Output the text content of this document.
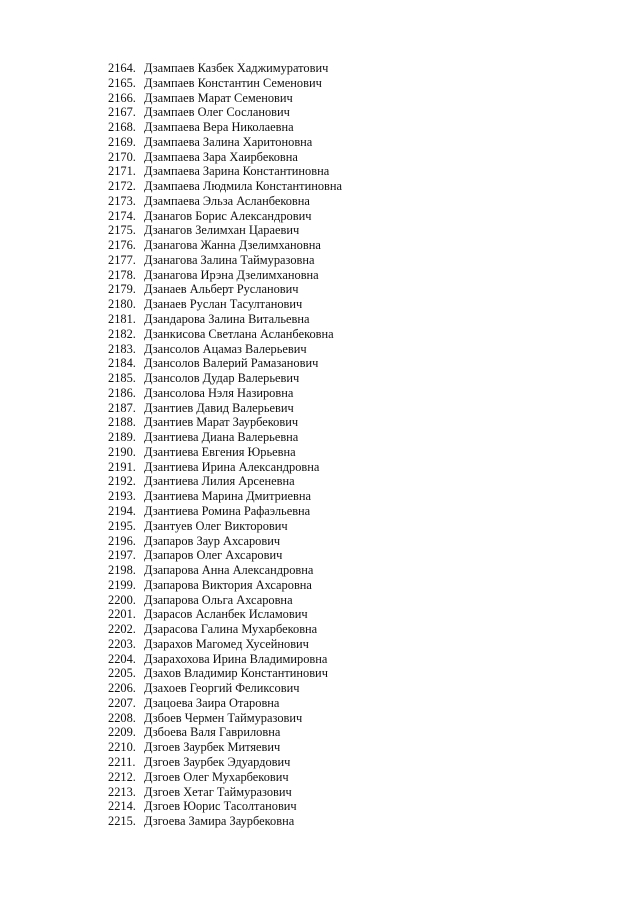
2164. Дзампаев Казбек Хаджимуратович
2165. Дзампаев Константин Семенович
2166. Дзампаев Марат Семенович
2167. Дзампаев Олег Сосланович
2168. Дзампаева Вера Николаевна
2169. Дзампаева Залина Харитоновна
2170. Дзампаева Зара Хаирбековна
2171. Дзампаева Зарина Константиновна
2172. Дзампаева Людмила Константиновна
2173. Дзампаева Эльза Асланбековна
2174. Дзанагов Борис Александрович
2175. Дзанагов Зелимхан Цараевич
2176. Дзанагова Жанна Дзелимхановна
2177. Дзанагова Залина Таймуразовна
2178. Дзанагова Ирэна Дзелимхановна
2179. Дзанаев Альберт Русланович
2180. Дзанаев Руслан Тасултанович
2181. Дзандарова Залина Витальевна
2182. Дзанкисова Светлана Асланбековна
2183. Дзансолов Ацамаз Валерьевич
2184. Дзансолов Валерий Рамазанович
2185. Дзансолов Дудар Валерьевич
2186. Дзансолова Нэля Назировна
2187. Дзантиев Давид Валерьевич
2188. Дзантиев Марат Заурбекович
2189. Дзантиева Диана Валерьевна
2190. Дзантиева Евгения Юрьевна
2191. Дзантиева Ирина Александровна
2192. Дзантиева Лилия Арсеневна
2193. Дзантиева Марина Дмитриевна
2194. Дзантиева Ромина Рафаэльевна
2195. Дзантуев Олег Викторович
2196. Дзапаров Заур Ахсарович
2197. Дзапаров Олег Ахсарович
2198. Дзапарова Анна Александровна
2199. Дзапарова Виктория Ахсаровна
2200. Дзапарова Ольга Ахсаровна
2201. Дзарасов Асланбек Исламович
2202. Дзарасова Галина Мухарбековна
2203. Дзарахов Магомед Хусейнович
2204. Дзарахохова Ирина Владимировна
2205. Дзахов Владимир Константинович
2206. Дзахоев Георгий Феликсович
2207. Дзацоева Заира Отаровна
2208. Дзбоев Чермен Таймуразович
2209. Дзбоева Валя Гавриловна
2210. Дзгоев Заурбек Митяевич
2211. Дзгоев Заурбек Эдуардович
2212. Дзгоев Олег Мухарбекович
2213. Дзгоев Хетаг Таймуразович
2214. Дзгоев Юорис Тасолтанович
2215. Дзгоева Замира Заурбековна
